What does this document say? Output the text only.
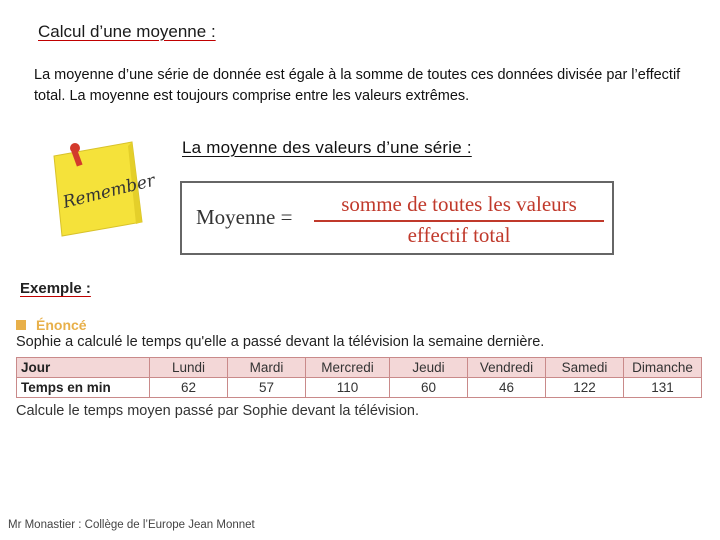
Calcul d’une moyenne :
La moyenne d’une série de donnée est égale à la somme de toutes ces données divisée par l’effectif total. La moyenne est toujours comprise entre les valeurs extrêmes.
Remember
La moyenne des valeurs d’une série :
Moyenne =
somme de toutes les valeurs
effectif total
Exemple :
Énoncé
Sophie a calculé le temps qu'elle a passé devant la télévision la semaine dernière.
Jour	Lundi	Mardi	Mercredi	Jeudi	Vendredi	Samedi	Dimanche
Temps en min	62	57	110	60	46	122	131
Calcule le temps moyen passé par Sophie devant la télévision.
Mr Monastier : Collège de l’Europe Jean Monnet
